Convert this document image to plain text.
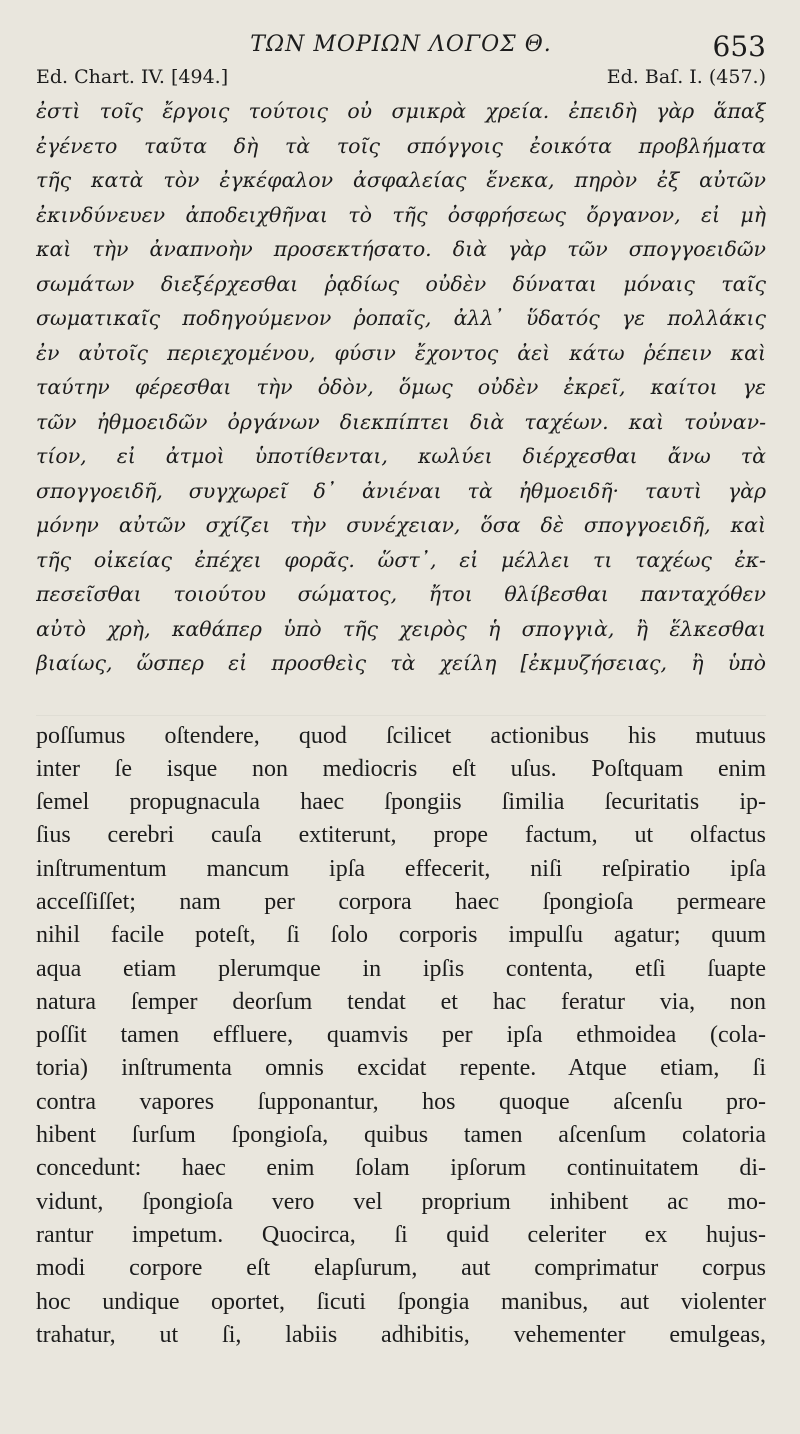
ΤΩΝ ΜΟΡΙΩΝ ΛΟΓΟΣ Θ.	653
Ed. Chart. IV. [494.]	Ed. Baſ. I. (457.)
ἐστὶ τοῖς ἔργοις τούτοις οὐ σμικρὰ χρεία. ἐπειδὴ γὰρ ἅπαξ
ἐγένετο ταῦτα δὴ τὰ τοῖς σπόγγοις ἐοικότα προβλήματα
τῆς κατὰ τὸν ἐγκέφαλον ἀσφαλείας ἕνεκα, πηρὸν ἐξ αὐτῶν
ἐκινδύνευεν ἀποδειχθῆναι τὸ τῆς ὀσφρήσεως ὄργανον, εἰ μὴ
καὶ τὴν ἀναπνοὴν προσεκτήσατο. διὰ γὰρ τῶν σπογγοειδῶν
σωμάτων διεξέρχεσθαι ῥᾳδίως οὐδὲν δύναται μόναις ταῖς
σωματικαῖς ποδηγούμενον ῥοπαῖς, ἀλλ᾽ ὕδατός γε πολλάκις
ἐν αὐτοῖς περιεχομένου, φύσιν ἔχοντος ἀεὶ κάτω ῥέπειν καὶ
ταύτην φέρεσθαι τὴν ὁδὸν, ὅμως οὐδὲν ἐκρεῖ, καίτοι γε
τῶν ἠθμοειδῶν ὀργάνων διεκπίπτει διὰ ταχέων. καὶ τοὐναν-
τίον, εἰ ἀτμοὶ ὑποτίθενται, κωλύει διέρχεσθαι ἄνω τὰ
σπογγοειδῆ, συγχωρεῖ δ᾽ ἀνιέναι τὰ ἠθμοειδῆ· ταυτὶ γὰρ
μόνην αὐτῶν σχίζει τὴν συνέχειαν, ὅσα δὲ σπογγοειδῆ, καὶ
τῆς οἰκείας ἐπέχει φορᾶς. ὥστ᾽, εἰ μέλλει τι ταχέως ἐκ-
πεσεῖσθαι τοιούτου σώματος, ἤτοι θλίβεσθαι πανταχόθεν
αὐτὸ χρὴ, καθάπερ ὑπὸ τῆς χειρὸς ἡ σπογγιὰ, ἢ ἕλκεσθαι
βιαίως, ὥσπερ εἰ προσθεὶς τὰ χείλη [ἐκμυζήσειας, ἢ ὑπὸ
poſſumus oſtendere, quod ſcilicet actionibus his mutuus
inter ſe isque non mediocris eſt uſus. Poſtquam enim
ſemel propugnacula haec ſpongiis ſimilia ſecuritatis ip-
ſius cerebri cauſa extiterunt, prope factum, ut olfactus
inſtrumentum mancum ipſa effecerit, niſi reſpiratio ipſa
acceſſiſſet; nam per corpora haec ſpongioſa permeare
nihil facile poteſt, ſi ſolo corporis impulſu agatur; quum
aqua etiam plerumque in ipſis contenta, etſi ſuapte
natura ſemper deorſum tendat et hac feratur via, non
poſſit tamen effluere, quamvis per ipſa ethmoidea (cola-
toria) inſtrumenta omnis excidat repente. Atque etiam, ſi
contra vapores ſupponantur, hos quoque aſcenſu pro-
hibent ſurſum ſpongioſa, quibus tamen aſcenſum colatoria
concedunt: haec enim ſolam ipſorum continuitatem di-
vidunt, ſpongioſa vero vel proprium inhibent ac mo-
rantur impetum. Quocirca, ſi quid celeriter ex hujus-
modi corpore eſt elapſurum, aut comprimatur corpus
hoc undique oportet, ſicuti ſpongia manibus, aut violenter
trahatur, ut ſi, labiis adhibitis, vehementer emulgeas,
